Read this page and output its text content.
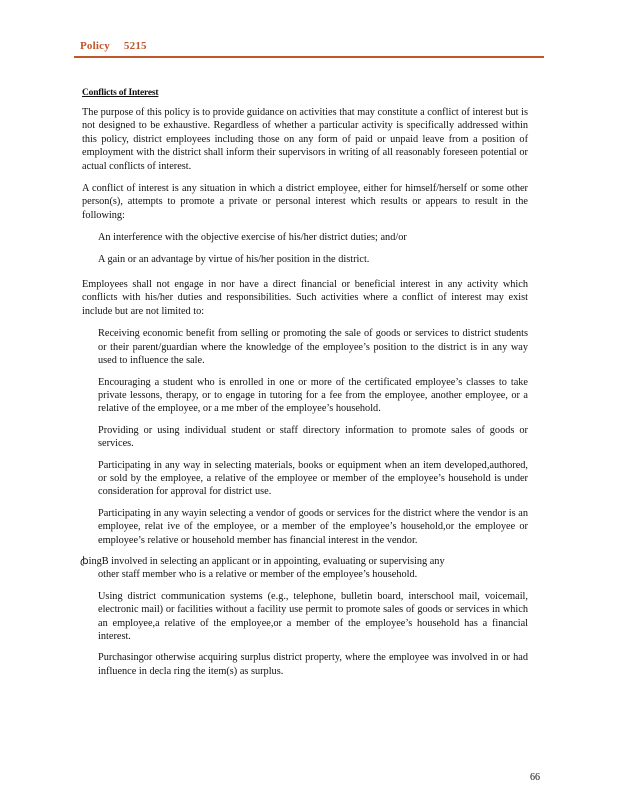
Policy 5215
Conflicts of Interest

The purpose of this policy is to provide guidance on activities that may constitute a conflict of interest but is not designed to be exhaustive. Regardless of whether a particular activity is specifically addressed within this policy, district employees including those on any form of paid or unpaid leave from a position of employment with the district shall inform their supervisors in writing of all reasonably foreseen potential or actual conflicts of interest.

A conflict of interest is any situation in which a district employee, either for himself/herself or some other person(s), attempts to promote a private or personal interest which results or appears to result in the following:

An interference with the objective exercise of his/her district duties; and/or
A gain or an advantage by virtue of his/her position in the district.

Employees shall not engage in nor have a direct financial or beneficial interest in any activity which conflicts with his/her duties and responsibilities. Such activities where a conflict of interest may exist include but are not limited to:

Receiving economic benefit from selling or promoting the sale of goods or services to district students or their parent/guardian where the knowledge of the employee’s position to the district is in any way used to influence the sale.
Encouraging a student who is enrolled in one or more of the certificated employee’s classes to take private lessons, therapy, or to engage in tutoring for a fee from the employee, another employee, or a relative of the employee, or a me mber of the employee’s household.
Providing or using individual student or staff directory information to promote sales of goods or services.
Participating in any way in selecting materials, books or equipment when an item developed,authored, or sold by the employee, a relative of the employee or member of the employee’s household is under consideration for approval for district use.
Participating in any wayin selecting a vendor of goods or services for the district where the vendor is an employee, relat ive of the employee, or a member of the employee’s household,or the employee or employee’s relative or household member has financial interest in the vendor.
ꞗingB involved in selecting an applicant or in appointing, evaluating or supervising any
other staff member who is a relative or member of the employee’s household.
Using district communication systems (e.g., telephone, bulletin board, interschool mail, voicemail, electronic mail) or facilities without a facility use permit to promote sales of goods or services in which an employee,a relative of the employee,or a member of the employee’s household has a financial interest.
Purchasingor otherwise acquiring surplus district property, where the employee was involved in or had influence in decla ring the item(s) as surplus.
66
